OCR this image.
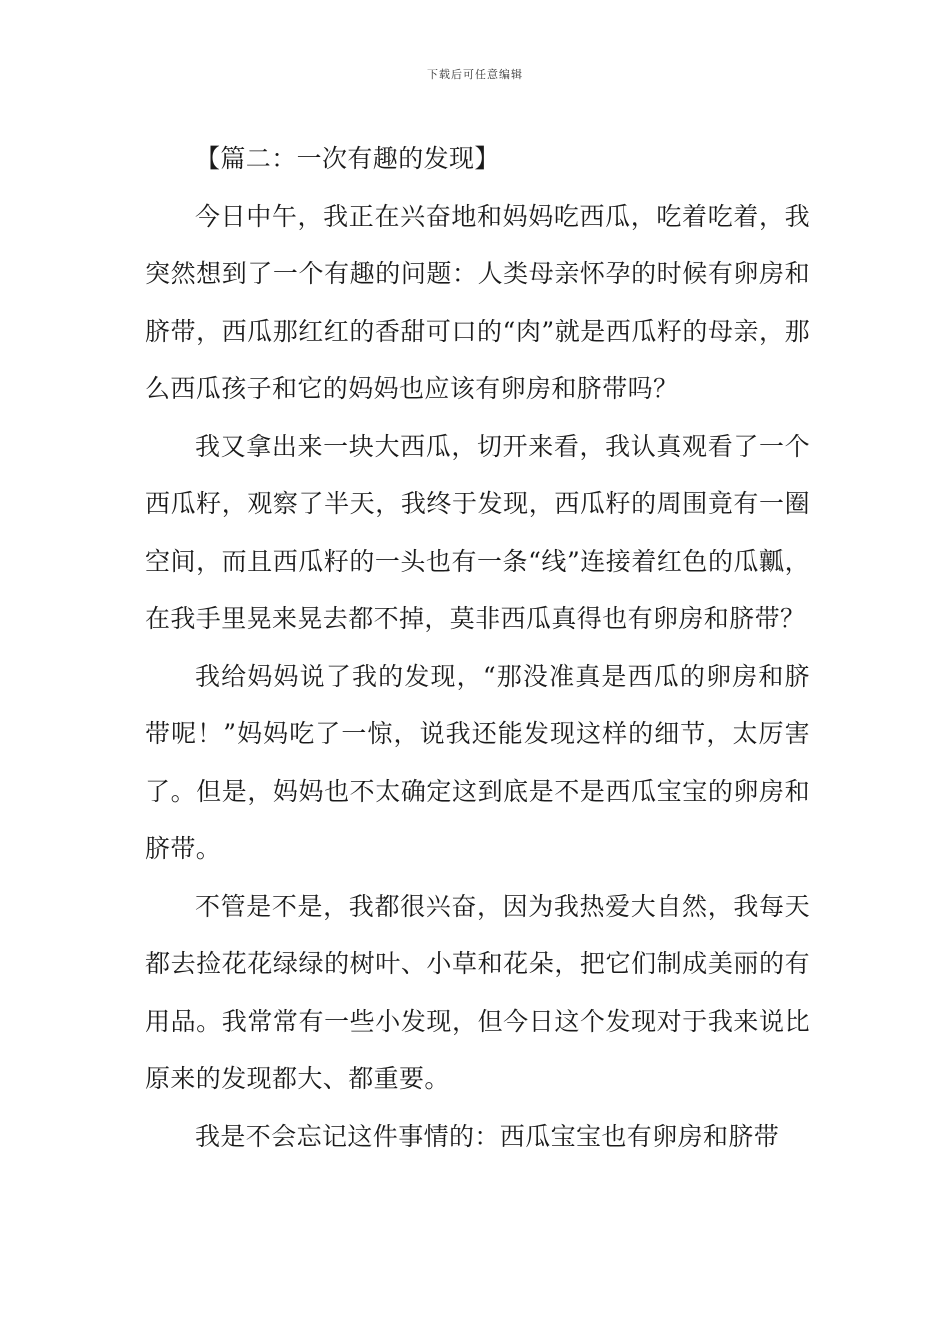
下载后可任意编辑

【篇二：一次有趣的发现】

今日中午，我正在兴奋地和妈妈吃西瓜，吃着吃着，我突然想到了一个有趣的问题：人类母亲怀孕的时候有卵房和脐带，西瓜那红红的香甜可口的“肉”就是西瓜籽的母亲，那么西瓜孩子和它的妈妈也应该有卵房和脐带吗？

我又拿出来一块大西瓜，切开来看，我认真观看了一个西瓜籽，观察了半天，我终于发现，西瓜籽的周围竟有一圈空间，而且西瓜籽的一头也有一条“线”连接着红色的瓜瓤，在我手里晃来晃去都不掉，莫非西瓜真得也有卵房和脐带？

我给妈妈说了我的发现，“那没准真是西瓜的卵房和脐带呢！”妈妈吃了一惊，说我还能发现这样的细节，太厉害了。但是，妈妈也不太确定这到底是不是西瓜宝宝的卵房和脐带。

不管是不是，我都很兴奋，因为我热爱大自然，我每天都去捡花花绿绿的树叶、小草和花朵，把它们制成美丽的有用品。我常常有一些小发现，但今日这个发现对于我来说比原来的发现都大、都重要。

我是不会忘记这件事情的：西瓜宝宝也有卵房和脐带
